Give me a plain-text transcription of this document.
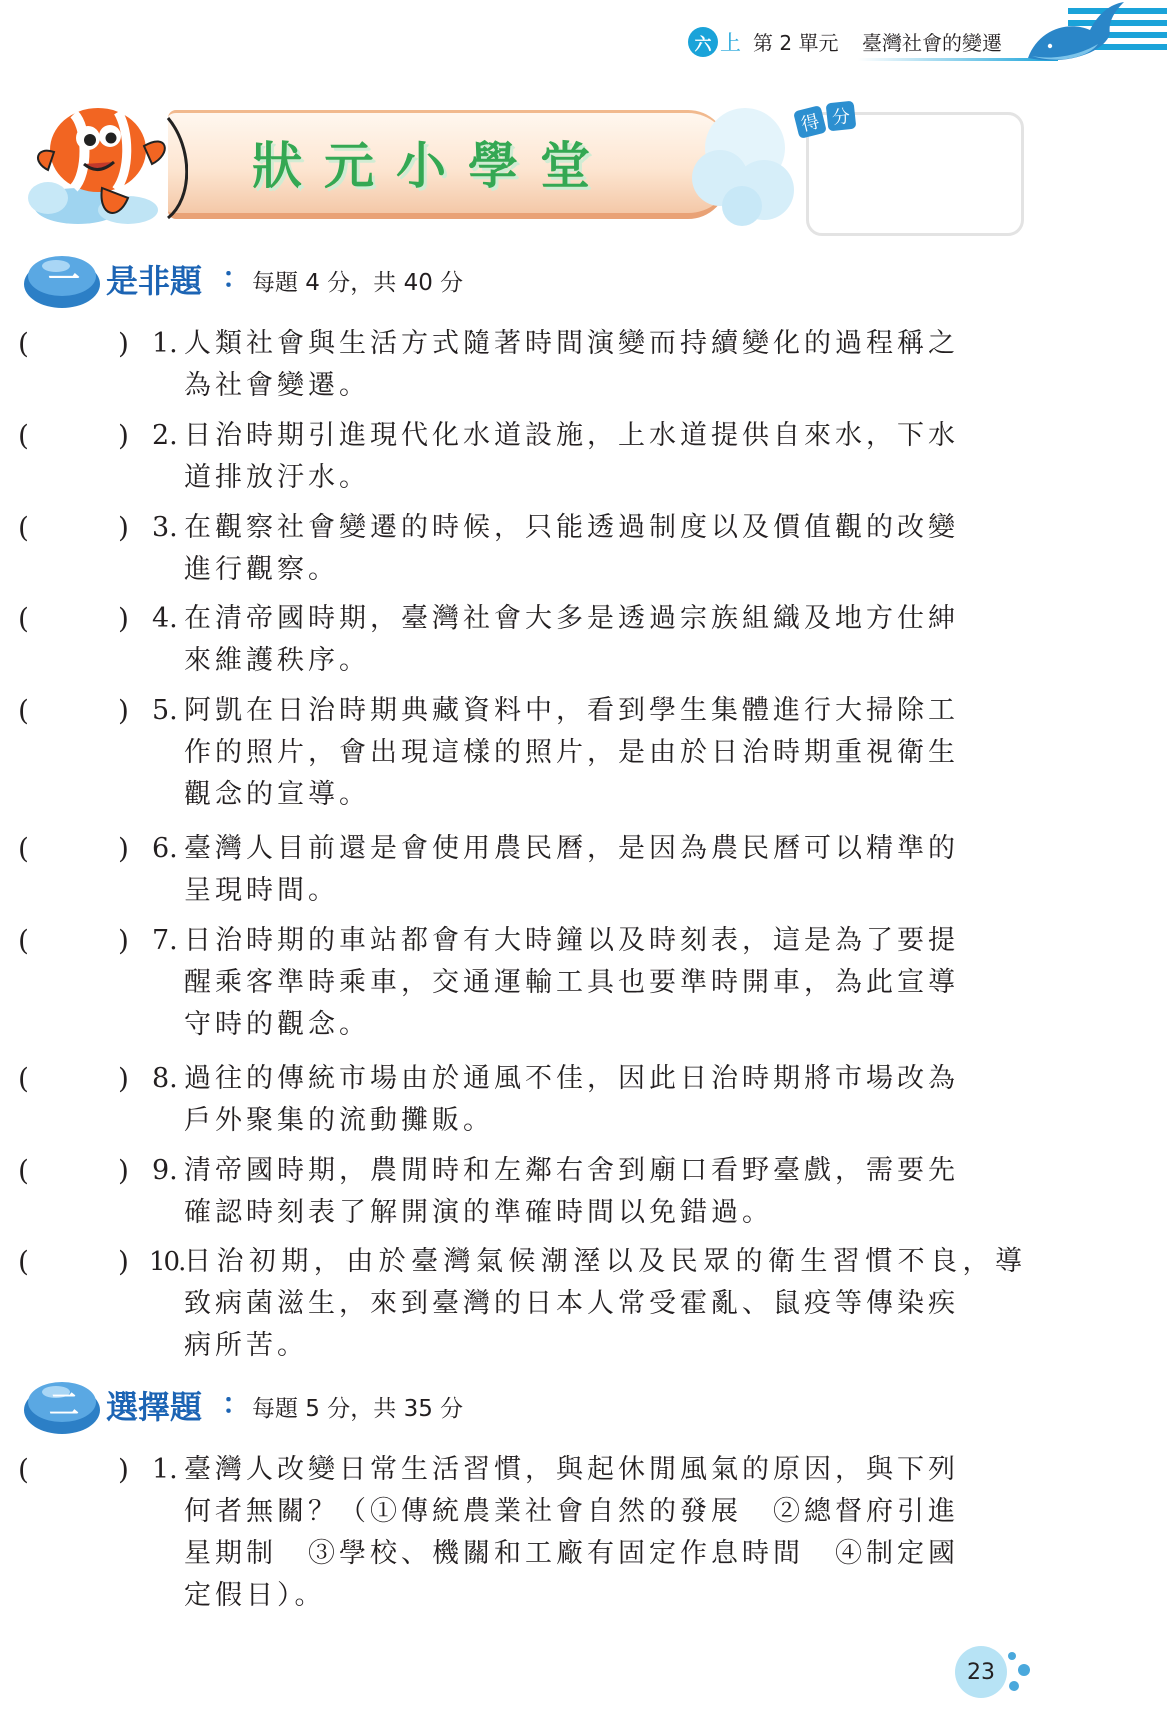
六 上 第 2 單元 臺灣社會的變遷
狀元小學堂
得 分
一 是非題 ： 每題 4 分，共 40 分
(	) 1. 人類社會與生活方式隨著時間演變而持續變化的過程稱之
為社會變遷。
(	) 2. 日治時期引進現代化水道設施，上水道提供自來水，下水
道排放汙水。
(	) 3. 在觀察社會變遷的時候，只能透過制度以及價值觀的改變
進行觀察。
(	) 4. 在清帝國時期，臺灣社會大多是透過宗族組織及地方仕紳
來維護秩序。
(	) 5. 阿凱在日治時期典藏資料中，看到學生集體進行大掃除工
作的照片，會出現這樣的照片，是由於日治時期重視衛生
觀念的宣導。
(	) 6. 臺灣人目前還是會使用農民曆，是因為農民曆可以精準的
呈現時間。
(	) 7. 日治時期的車站都會有大時鐘以及時刻表，這是為了要提
醒乘客準時乘車，交通運輸工具也要準時開車，為此宣導
守時的觀念。
(	) 8. 過往的傳統市場由於通風不佳，因此日治時期將市場改為
戶外聚集的流動攤販。
(	) 9. 清帝國時期，農閒時和左鄰右舍到廟口看野臺戲，需要先
確認時刻表了解開演的準確時間以免錯過。
(	) 10. 日治初期，由於臺灣氣候潮溼以及民眾的衛生習慣不良，導
致病菌滋生，來到臺灣的日本人常受霍亂、鼠疫等傳染疾
病所苦。
二 選擇題 ： 每題 5 分，共 35 分
(	) 1. 臺灣人改變日常生活習慣，與起休閒風氣的原因，與下列
何者無關？（①傳統農業社會自然的發展　②總督府引進
星期制　③學校、機關和工廠有固定作息時間　④制定國
定假日）。
23
